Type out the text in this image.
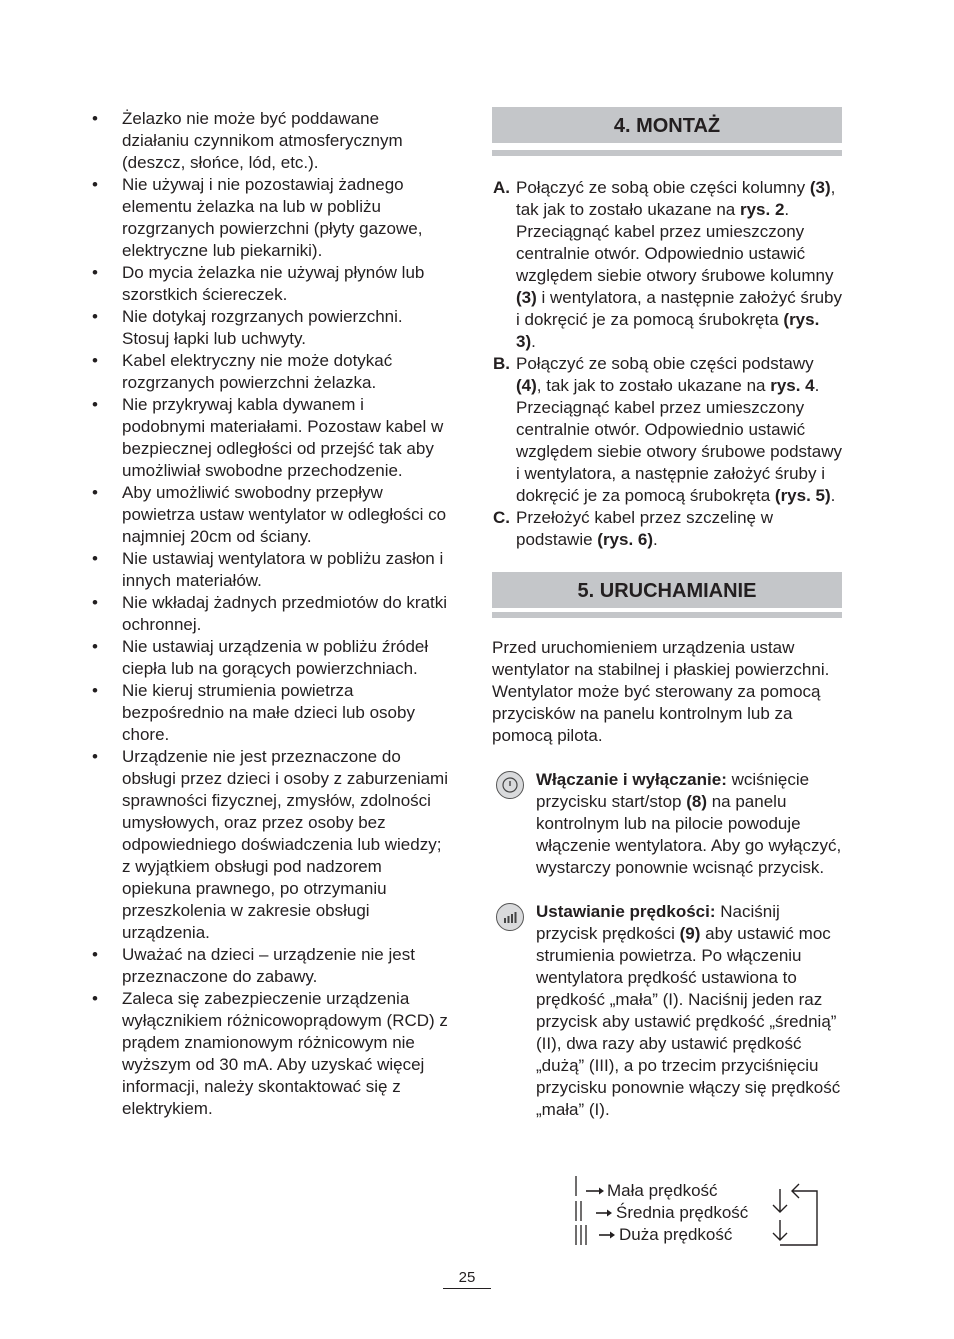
• Żelazko nie może być poddawane działaniu czynnikom atmosferycznym (deszcz, słońce, lód, etc.).
• Nie używaj i nie pozostawiaj żadnego elementu żelazka na lub w pobliżu rozgrzanych powierzchni (płyty gazowe, elektryczne lub piekarniki).
• Do mycia żelazka nie używaj płynów lub szorstkich ściereczek.
• Nie dotykaj rozgrzanych powierzchni. Stosuj łapki lub uchwyty.
• Kabel elektryczny nie może dotykać rozgrzanych powierzchni żelazka.
• Nie przykrywaj kabla dywanem i podobnymi materiałami. Pozostaw kabel w bezpiecznej odległości od przejść tak aby umożliwiał swobodne przechodzenie.
• Aby umożliwić swobodny przepływ powietrza ustaw wentylator w odległości co najmniej 20cm od ściany.
• Nie ustawiaj wentylatora w pobliżu zasłon i innych materiałów.
• Nie wkładaj żadnych przedmiotów do kratki ochronnej.
• Nie ustawiaj urządzenia w pobliżu źródeł ciepła lub na gorących powierzchniach.
• Nie kieruj strumienia powietrza bezpośrednio na małe dzieci lub osoby chore.
• Urządzenie nie jest przeznaczone do obsługi przez dzieci i osoby z zaburzeniami sprawności fizycznej, zmysłów, zdolności umysłowych, oraz przez osoby bez odpowiedniego doświadczenia lub wiedzy; z wyjątkiem obsługi pod nadzorem opiekuna prawnego, po otrzymaniu przeszkolenia w zakresie obsługi urządzenia.
• Uważać na dzieci – urządzenie nie jest przeznaczone do zabawy.
• Zaleca się zabezpieczenie urządzenia wyłącznikiem różnicowoprądowym (RCD) z prądem znamionowym różnicowym nie wyższym od 30 mA. Aby uzyskać więcej informacji, należy skontaktować się z elektrykiem.
4. MONTAŻ
A. Połączyć ze sobą obie części kolumny (3), tak jak to zostało ukazane na rys. 2. Przeciągnąć kabel przez umieszczony centralnie otwór. Odpowiednio ustawić względem siebie otwory śrubowe kolumny (3) i wentylatora, a następnie założyć śruby i dokręcić je za pomocą śrubokręta (rys. 3).
B. Połączyć ze sobą obie części podstawy (4), tak jak to zostało ukazane na rys. 4. Przeciągnąć kabel przez umieszczony centralnie otwór. Odpowiednio ustawić względem siebie otwory śrubowe podstawy i wentylatora, a następnie założyć śruby i dokręcić je za pomocą śrubokręta (rys. 5).
C. Przełożyć kabel przez szczelinę w podstawie (rys. 6).
5. URUCHAMIANIE

Przed uruchomieniem urządzenia ustaw wentylator na stabilnej i płaskiej powierzchni. Wentylator może być sterowany za pomocą przycisków na panelu kontrolnym lub za pomocą pilota.

Włączanie i wyłączanie: wciśnięcie przycisku start/stop (8) na panelu kontrolnym lub na pilocie powoduje włączenie wentylatora. Aby go wyłączyć, wystarczy ponownie wcisnąć przycisk.
Ustawianie prędkości: Naciśnij przycisk prędkości (9) aby ustawić moc strumienia powietrza. Po włączeniu wentylatora prędkość ustawiona to prędkość „mała” (I). Naciśnij jeden raz przycisk aby ustawić prędkość „średnią” (II), dwa razy aby ustawić prędkość „dużą” (III), a po trzecim przyciśnięciu przycisku ponownie włączy się prędkość „mała” (I).
Mała prędkość
Średnia prędkość
Duża prędkość
25
